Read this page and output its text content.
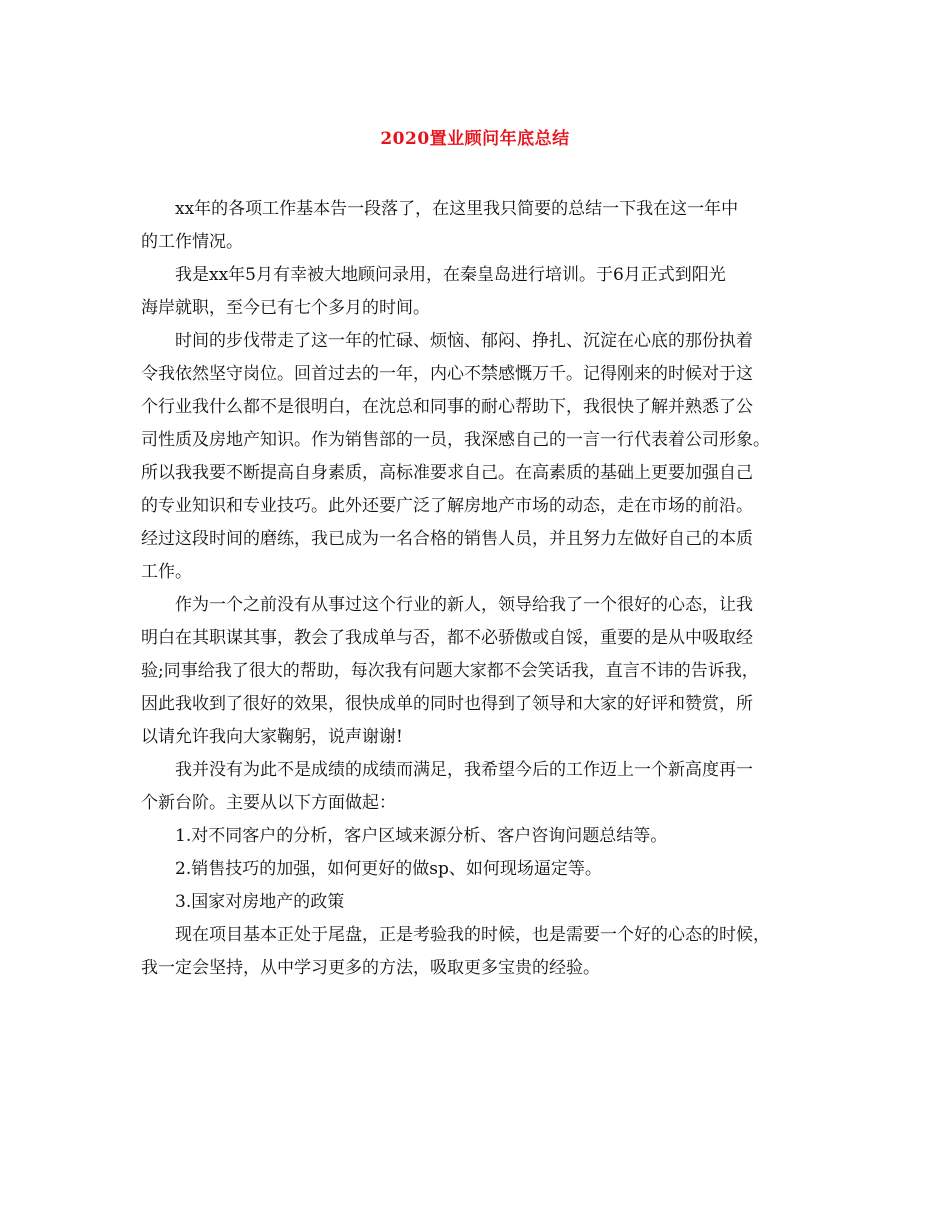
2020置业顾问年底总结

xx年的各项工作基本告一段落了，在这里我只简要的总结一下我在这一年中
的工作情况。

我是xx年5月有幸被大地顾问录用，在秦皇岛进行培训。于6月正式到阳光
海岸就职，至今已有七个多月的时间。

时间的步伐带走了这一年的忙碌、烦恼、郁闷、挣扎、沉淀在心底的那份执着
令我依然坚守岗位。回首过去的一年，内心不禁感慨万千。记得刚来的时候对于这
个行业我什么都不是很明白，在沈总和同事的耐心帮助下，我很快了解并熟悉了公
司性质及房地产知识。作为销售部的一员，我深感自己的一言一行代表着公司形象。
所以我我要不断提高自身素质，高标准要求自己。在高素质的基础上更要加强自己
的专业知识和专业技巧。此外还要广泛了解房地产市场的动态，走在市场的前沿。
经过这段时间的磨练，我已成为一名合格的销售人员，并且努力左做好自己的本质
工作。

作为一个之前没有从事过这个行业的新人，领导给我了一个很好的心态，让我
明白在其职谋其事，教会了我成单与否，都不必骄傲或自馁，重要的是从中吸取经
验;同事给我了很大的帮助，每次我有问题大家都不会笑话我，直言不讳的告诉我，
因此我收到了很好的效果，很快成单的同时也得到了领导和大家的好评和赞赏，所
以请允许我向大家鞠躬，说声谢谢!

我并没有为此不是成绩的成绩而满足，我希望今后的工作迈上一个新高度再一
个新台阶。主要从以下方面做起：

1.对不同客户的分析，客户区域来源分析、客户咨询问题总结等。

2.销售技巧的加强，如何更好的做sp、如何现场逼定等。

3.国家对房地产的政策

现在项目基本正处于尾盘，正是考验我的时候，也是需要一个好的心态的时候，
我一定会坚持，从中学习更多的方法，吸取更多宝贵的经验。
